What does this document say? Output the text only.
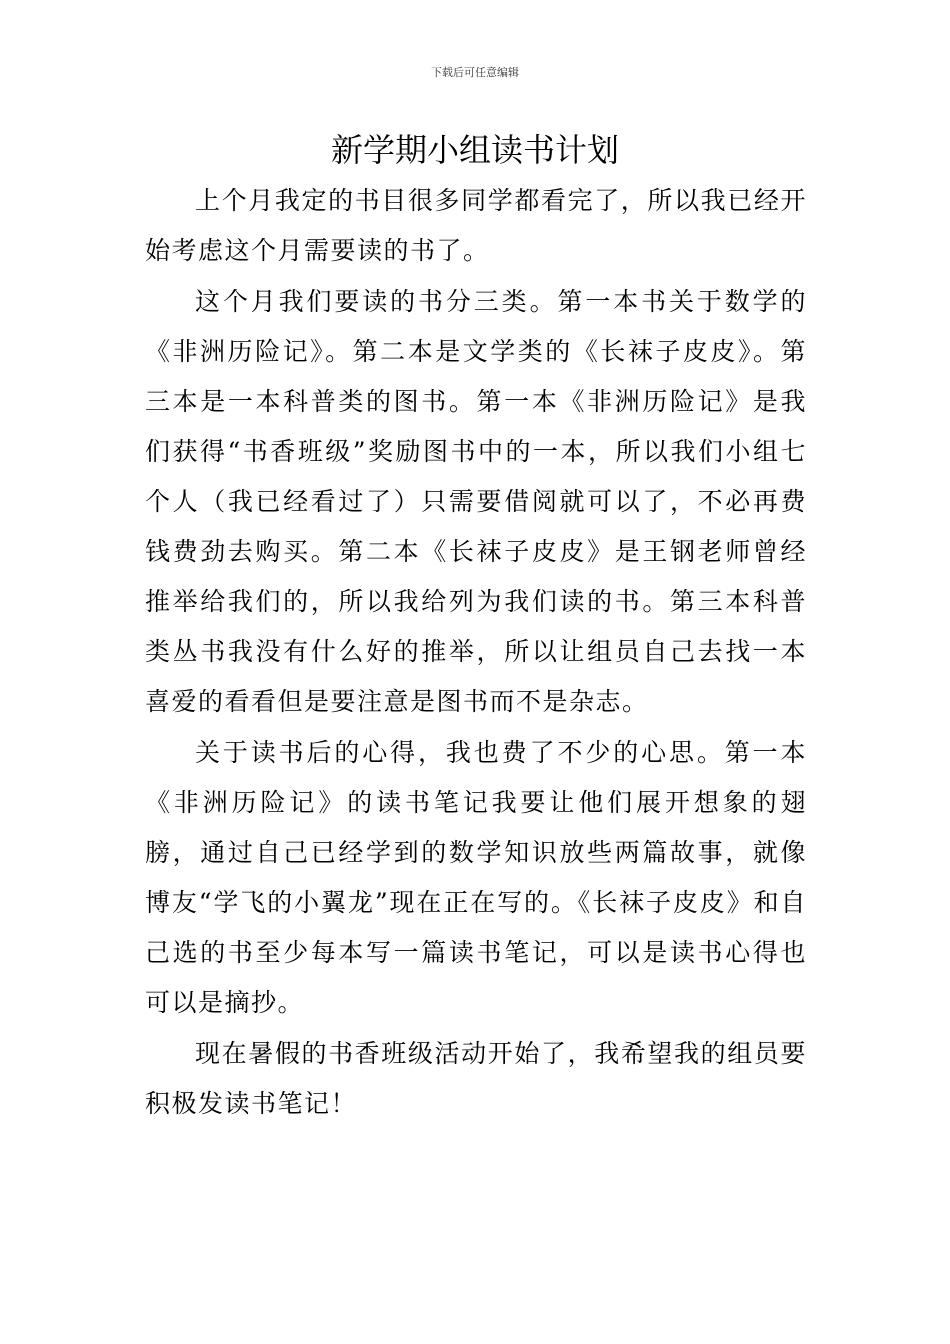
下载后可任意编辑
新学期小组读书计划

上个月我定的书目很多同学都看完了，所以我已经开始考虑这个月需要读的书了。

这个月我们要读的书分三类。第一本书关于数学的《非洲历险记》。第二本是文学类的《长袜子皮皮》。第三本是一本科普类的图书。第一本《非洲历险记》是我们获得“书香班级”奖励图书中的一本，所以我们小组七个人（我已经看过了）只需要借阅就可以了，不必再费钱费劲去购买。第二本《长袜子皮皮》是王钢老师曾经推举给我们的，所以我给列为我们读的书。第三本科普类丛书我没有什么好的推举，所以让组员自己去找一本喜爱的看看但是要注意是图书而不是杂志。

关于读书后的心得，我也费了不少的心思。第一本《非洲历险记》的读书笔记我要让他们展开想象的翅膀，通过自己已经学到的数学知识放些两篇故事，就像博友“学飞的小翼龙”现在正在写的。《长袜子皮皮》和自己选的书至少每本写一篇读书笔记，可以是读书心得也可以是摘抄。

现在暑假的书香班级活动开始了，我希望我的组员要积极发读书笔记！
